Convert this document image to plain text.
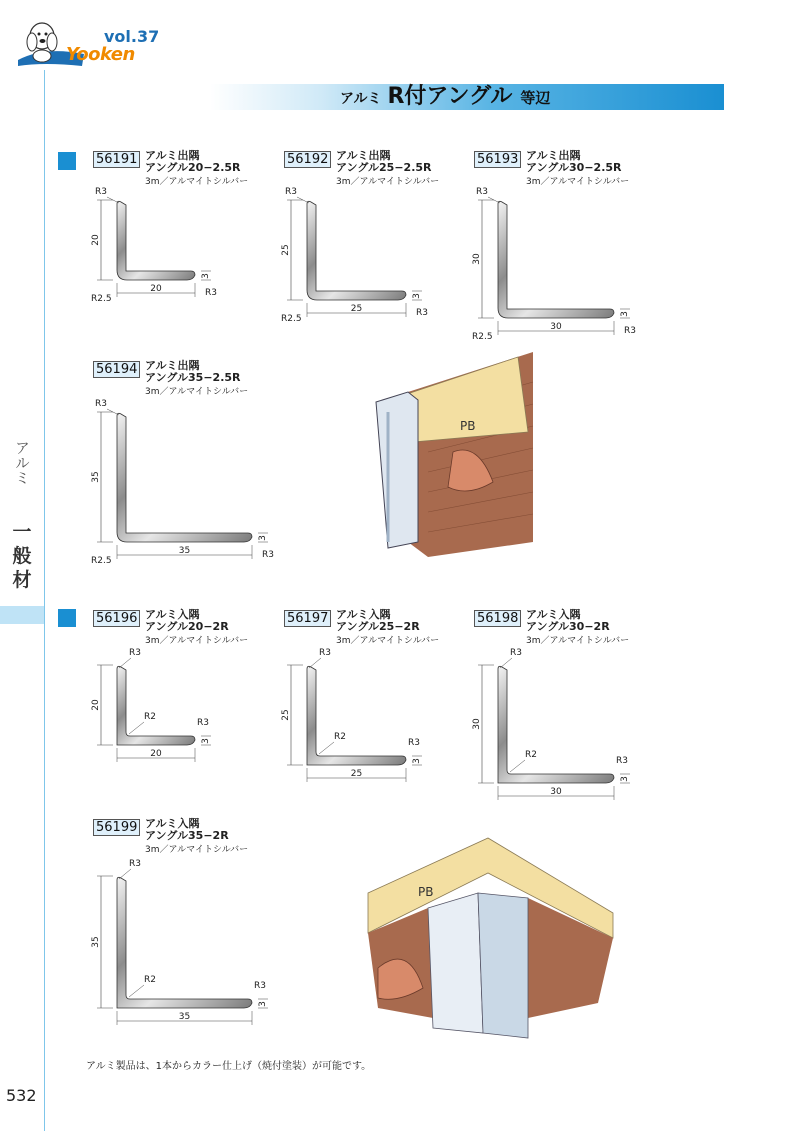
vol.37
Yooken
アルミ R付アングル 等辺
アルミ
一
般
材
56191 アルミ出隅
アングル20−2.5R
3m／アルマイトシルバー
56192 アルミ出隅
アングル25−2.5R
3m／アルマイトシルバー
56193 アルミ出隅
アングル30−2.5R
3m／アルマイトシルバー
56194 アルミ出隅
アングル35−2.5R
3m／アルマイトシルバー
56196 アルミ入隅
アングル20−2R
3m／アルマイトシルバー
56197 アルミ入隅
アングル25−2R
3m／アルマイトシルバー
56198 アルミ入隅
アングル30−2R
3m／アルマイトシルバー
56199 アルミ入隅
アングル35−2R
3m／アルマイトシルバー
20
20
R3
3
R3
R2.5
25
25
R3
3
R3
R2.5
30
30
R3
3
R3
R2.5
35
35
R3
3
R3
R2.5
20
20
R3
3
R3
R2	25
25
R3
3
R3
R2
30
30
R3
3
R3
R2
35
35
R3
3
R3
R2
PB
PB
アルミ製品は、1本からカラー仕上げ（焼付塗装）が可能です。
532
